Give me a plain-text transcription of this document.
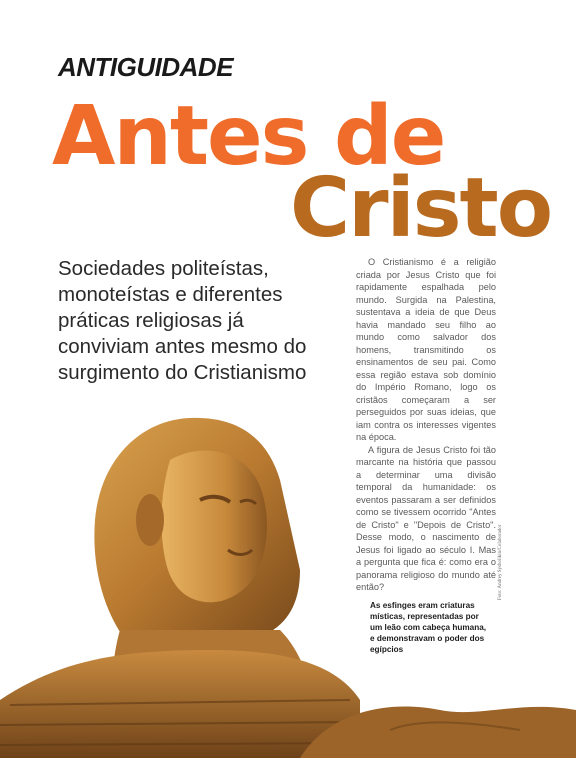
ANTIGUIDADE
Antes de
Cristo

Sociedades politeístas,
monoteístas e diferentes
práticas religiosas já
conviviam antes mesmo do
surgimento do Cristianismo

O Cristianismo é a religião criada por Jesus Cristo que foi rapidamente espalhada pelo mundo. Surgida na Palestina, sustentava a ideia de que Deus havia mandado seu filho ao mundo como salvador dos homens, transmitindo os ensinamentos de seu pai. Como essa região estava sob domínio do Império Romano, logo os cristãos começaram a ser perseguidos por suas ideias, que iam contra os interesses vigentes na época.

A figura de Jesus Cristo foi tão marcante na história que passou a determinar uma divisão temporal da humanidade: os eventos passaram a ser definidos como se tivessem ocorrido "Antes de Cristo" e "Depois de Cristo". Desse modo, o nascimento de Jesus foi ligado ao século I. Mas a pergunta que fica é: como era o panorama religioso do mundo até então?	Foto: Andrey Sysholikin/Colaborador

As esfinges eram criaturas místicas, representadas por um leão com cabeça humana, e demonstravam o poder dos egípcios
